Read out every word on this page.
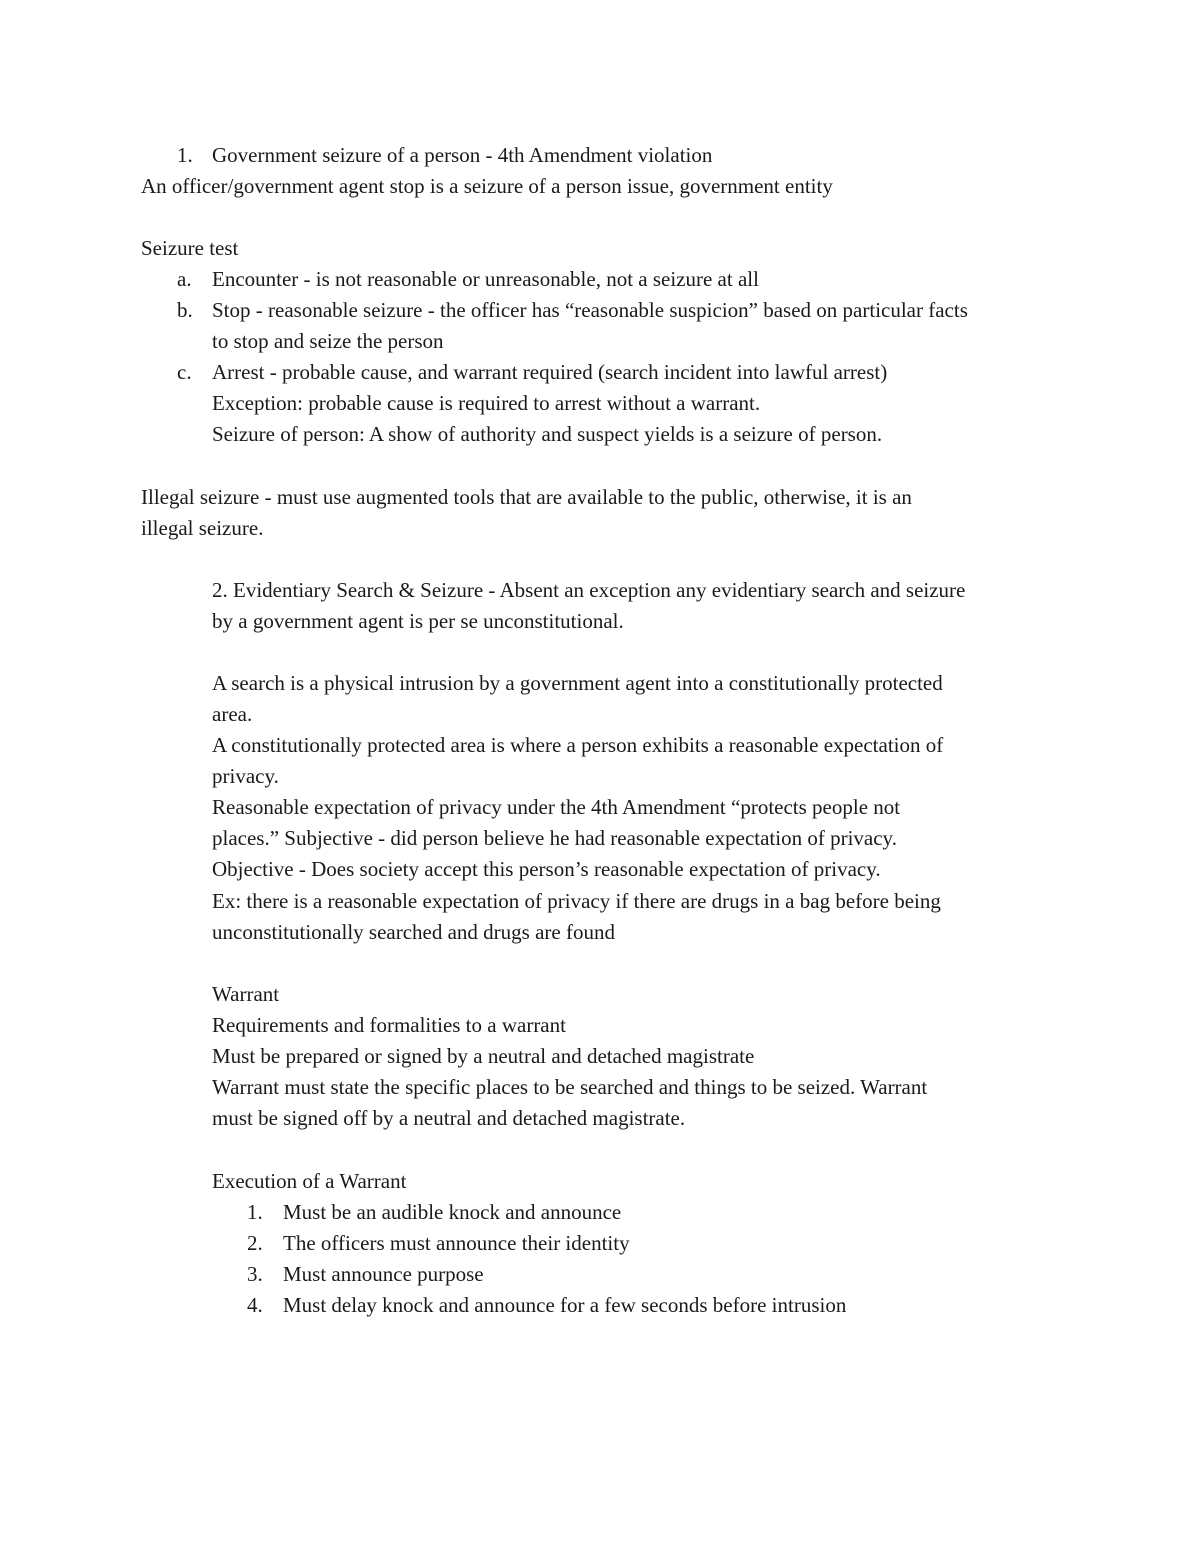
1. Government seizure of a person - 4th Amendment violation
An officer/government agent stop is a seizure of a person issue, government entity
Seizure test
a. Encounter - is not reasonable or unreasonable, not a seizure at all
b. Stop - reasonable seizure - the officer has “reasonable suspicion” based on particular facts
to stop and seize the person
c. Arrest - probable cause, and warrant required (search incident into lawful arrest)
Exception: probable cause is required to arrest without a warrant.
Seizure of person: A show of authority and suspect yields is a seizure of person.
Illegal seizure - must use augmented tools that are available to the public, otherwise, it is an
illegal seizure.
2. Evidentiary Search & Seizure - Absent an exception any evidentiary search and seizure
by a government agent is per se unconstitutional.
A search is a physical intrusion by a government agent into a constitutionally protected
area.
A constitutionally protected area is where a person exhibits a reasonable expectation of
privacy.
Reasonable expectation of privacy under the 4th Amendment “protects people not
places.” Subjective - did person believe he had reasonable expectation of privacy.
Objective - Does society accept this person’s reasonable expectation of privacy.
Ex: there is a reasonable expectation of privacy if there are drugs in a bag before being
unconstitutionally searched and drugs are found
Warrant
Requirements and formalities to a warrant
Must be prepared or signed by a neutral and detached magistrate
Warrant must state the specific places to be searched and things to be seized. Warrant
must be signed off by a neutral and detached magistrate.
Execution of a Warrant
1. Must be an audible knock and announce
2. The officers must announce their identity
3. Must announce purpose
4. Must delay knock and announce for a few seconds before intrusion
